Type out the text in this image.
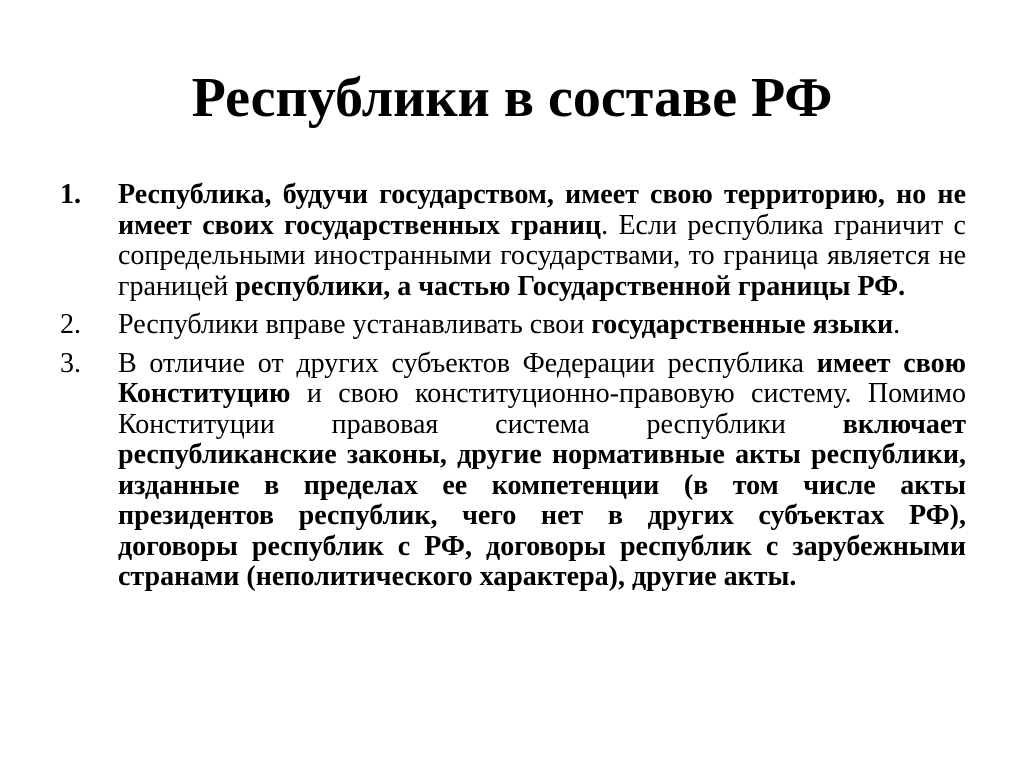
Республики в составе РФ
1. Республика, будучи государством, имеет свою территорию, но не имеет своих государственных границ. Если республика граничит с сопредельными иностранными государствами, то граница является не границей республики, а частью Государственной границы РФ.
2. Республики вправе устанавливать свои государственные языки.
3. В отличие от других субъектов Федерации республика имеет свою Конституцию и свою конституционно-правовую систему. Помимо Конституции правовая система республики включает республиканские законы, другие нормативные акты республики, изданные в пределах ее компетенции (в том числе акты президентов республик, чего нет в других субъектах РФ), договоры республик с РФ, договоры республик с зарубежными странами (неполитического характера), другие акты.
